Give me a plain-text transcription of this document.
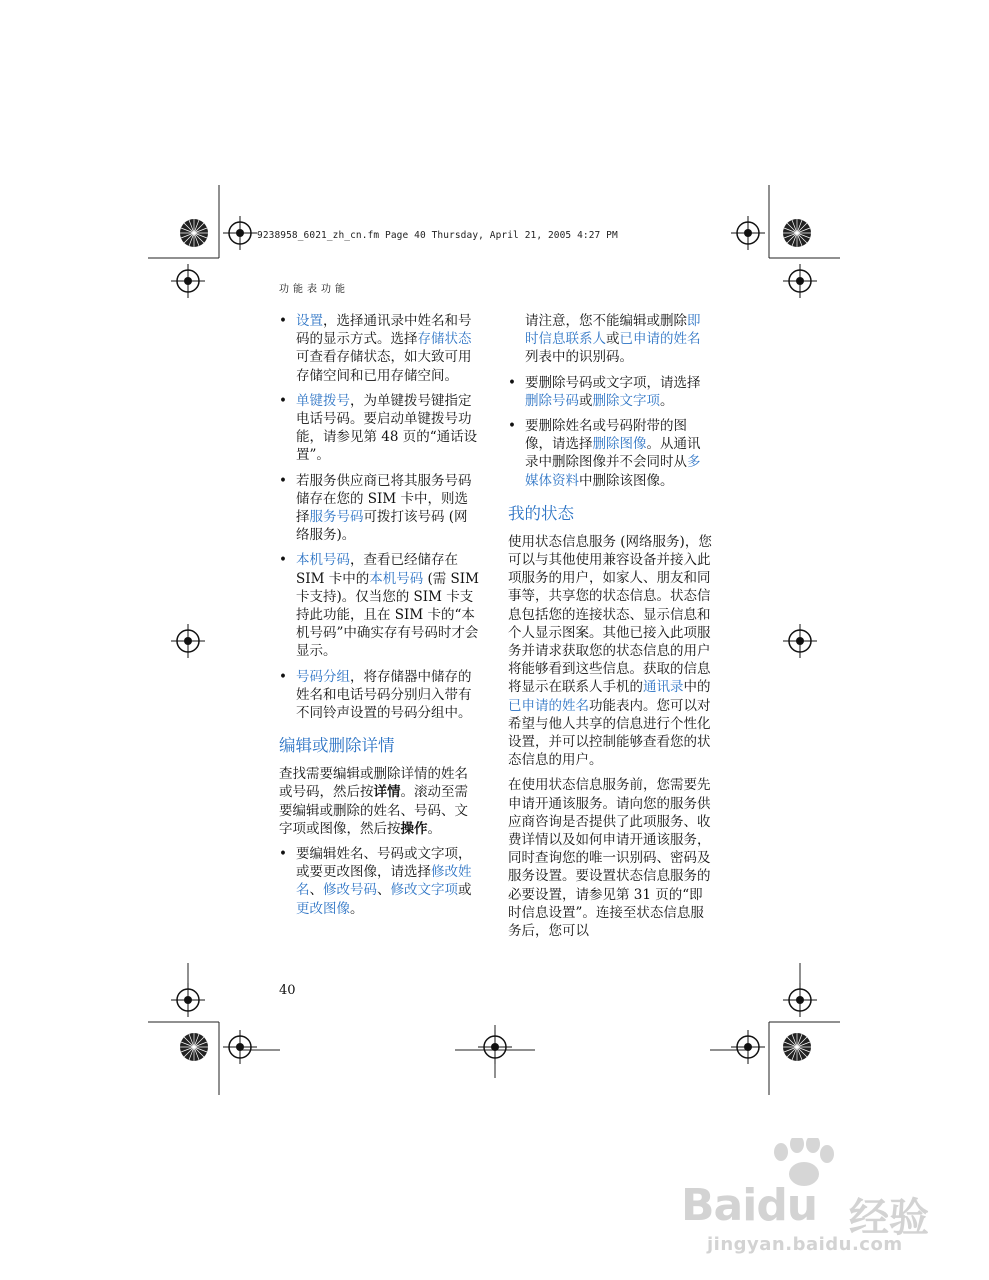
9238958_6021_zh_cn.fm Page 40 Thursday, April 21, 2005 4:27 PM
功能表功能
• 设置，选择通讯录中姓名和号码的显示方式。选择存储状态可查看存储状态，如大致可用存储空间和已用存储空间。
• 单键拨号，为单键拨号键指定电话号码。要启动单键拨号功能，请参见第 48 页的“通话设置”。
• 若服务供应商已将其服务号码储存在您的 SIM 卡中，则选择服务号码可拨打该号码 (网络服务)。
• 本机号码，查看已经储存在 SIM 卡中的本机号码 (需 SIM 卡支持)。仅当您的 SIM 卡支持此功能，且在 SIM 卡的“本机号码”中确实存有号码时才会显示。
• 号码分组，将存储器中储存的姓名和电话号码分别归入带有不同铃声设置的号码分组中。
编辑或删除详情

查找需要编辑或删除详情的姓名或号码，然后按详情。滚动至需要编辑或删除的姓名、号码、文字项或图像，然后按操作。

• 要编辑姓名、号码或文字项，或要更改图像，请选择修改姓名、修改号码、修改文字项或更改图像。

请注意，您不能编辑或删除即时信息联系人或已申请的姓名列表中的识别码。

• 要删除号码或文字项，请选择删除号码或删除文字项。
• 要删除姓名或号码附带的图像，请选择删除图像。从通讯录中删除图像并不会同时从多媒体资料中删除该图像。
我的状态

使用状态信息服务 (网络服务)，您可以与其他使用兼容设备并接入此项服务的用户，如家人、朋友和同事等，共享您的状态信息。状态信息包括您的连接状态、显示信息和个人显示图案。其他已接入此项服务并请求获取您的状态信息的用户将能够看到这些信息。获取的信息将显示在联系人手机的通讯录中的已申请的姓名功能表内。您可以对希望与他人共享的信息进行个性化设置，并可以控制能够查看您的状态信息的用户。

在使用状态信息服务前，您需要先申请开通该服务。请向您的服务供应商咨询是否提供了此项服务、收费详情以及如何申请开通该服务，同时查询您的唯一识别码、密码及服务设置。要设置状态信息服务的必要设置，请参见第 31 页的“即时信息设置”。连接至状态信息服务后，您可以

40
Baidu 经验
jingyan.baidu.com
